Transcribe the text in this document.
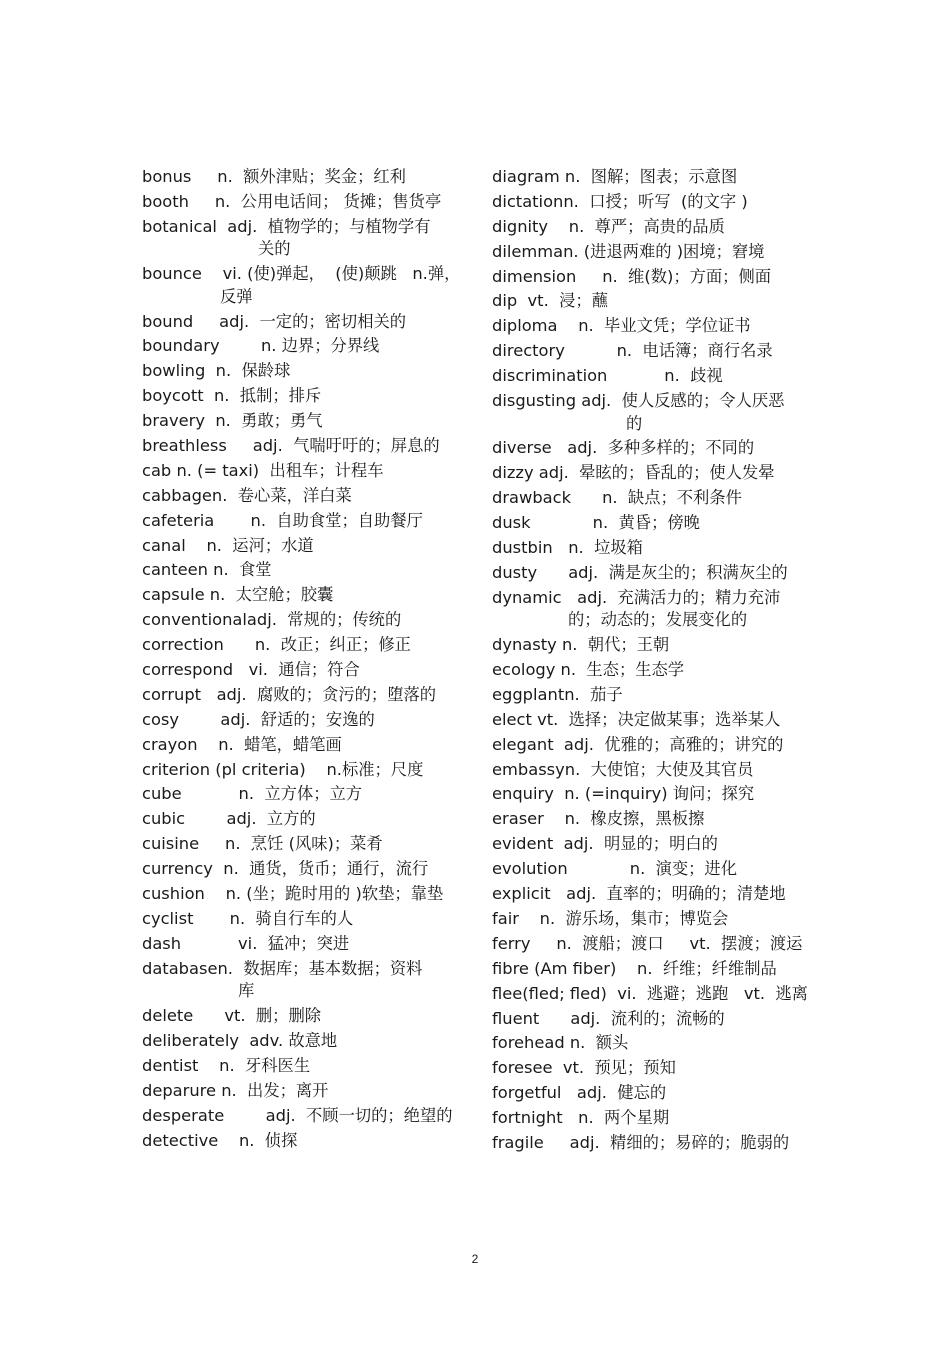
bonus     n.  额外津贴；奖金；红利
booth     n.  公用电话间； 货摊；售货亭
botanical  adj.  植物学的；与植物学有
关的
bounce    vi. (使)弹起，  (使)颠跳   n.弹，
反弹
bound     adj.  一定的；密切相关的
boundary        n. 边界；分界线
bowling  n.  保龄球
boycott  n.  抵制；排斥
bravery  n.  勇敢；勇气
breathless     adj.  气喘吁吁的；屏息的
cab n. (= taxi)  出租车；计程车
cabbagen.  卷心菜，洋白菜
cafeteria       n.  自助食堂；自助餐厅
canal    n.  运河；水道
canteen n.  食堂
capsule n.  太空舱；胶囊
conventionaladj.  常规的；传统的
correction      n.  改正；纠正；修正
correspond   vi.  通信；符合
corrupt   adj.  腐败的；贪污的；堕落的
cosy        adj.  舒适的；安逸的
crayon    n.  蜡笔，蜡笔画
criterion (pl criteria)    n.标准；尺度
cube           n.  立方体；立方
cubic        adj.  立方的
cuisine     n.  烹饪 (风味)；菜肴
currency  n.  通货，货币；通行，流行
cushion    n. (坐；跪时用的 )软垫；靠垫
cyclist       n.  骑自行车的人
dash           vi.  猛冲；突进
databasen.  数据库；基本数据；资料
库
delete      vt.  删；删除
deliberately  adv. 故意地
dentist    n.  牙科医生
deparure n.  出发；离开
desperate        adj.  不顾一切的；绝望的
detective    n.  侦探
diagram n.  图解；图表；示意图
dictationn.  口授；听写  (的文字 )
dignity    n.  尊严；高贵的品质
dilemman. (进退两难的 )困境；窘境
dimension     n.  维(数)；方面；侧面
dip  vt.  浸；蘸
diploma    n.  毕业文凭；学位证书
directory          n.  电话簿；商行名录
discrimination           n.  歧视
disgusting adj.  使人反感的；令人厌恶
的
diverse   adj.  多种多样的；不同的
dizzy adj.  晕眩的；昏乱的；使人发晕
drawback      n.  缺点；不利条件
dusk            n.  黄昏；傍晚
dustbin   n.  垃圾箱
dusty      adj.  满是灰尘的；积满灰尘的
dynamic   adj.  充满活力的；精力充沛
的；动态的；发展变化的
dynasty n.  朝代；王朝
ecology n.  生态；生态学
eggplantn.  茄子
elect vt.  选择；决定做某事；选举某人
elegant  adj.  优雅的；高雅的；讲究的
embassyn.  大使馆；大使及其官员
enquiry  n. (=inquiry) 询问；探究
eraser    n.  橡皮擦，黑板擦
evident  adj.  明显的；明白的
evolution            n.  演变；进化
explicit   adj.  直率的；明确的；清楚地
fair    n.  游乐场，集市；博览会
ferry     n.  渡船；渡口     vt.  摆渡；渡运
fibre (Am fiber)    n.  纤维；纤维制品
flee(fled; fled)  vi.  逃避；逃跑   vt.  逃离
fluent      adj.  流利的；流畅的
forehead n.  额头
foresee  vt.  预见；预知
forgetful   adj.  健忘的
fortnight   n.  两个星期
fragile     adj.  精细的；易碎的；脆弱的
2
